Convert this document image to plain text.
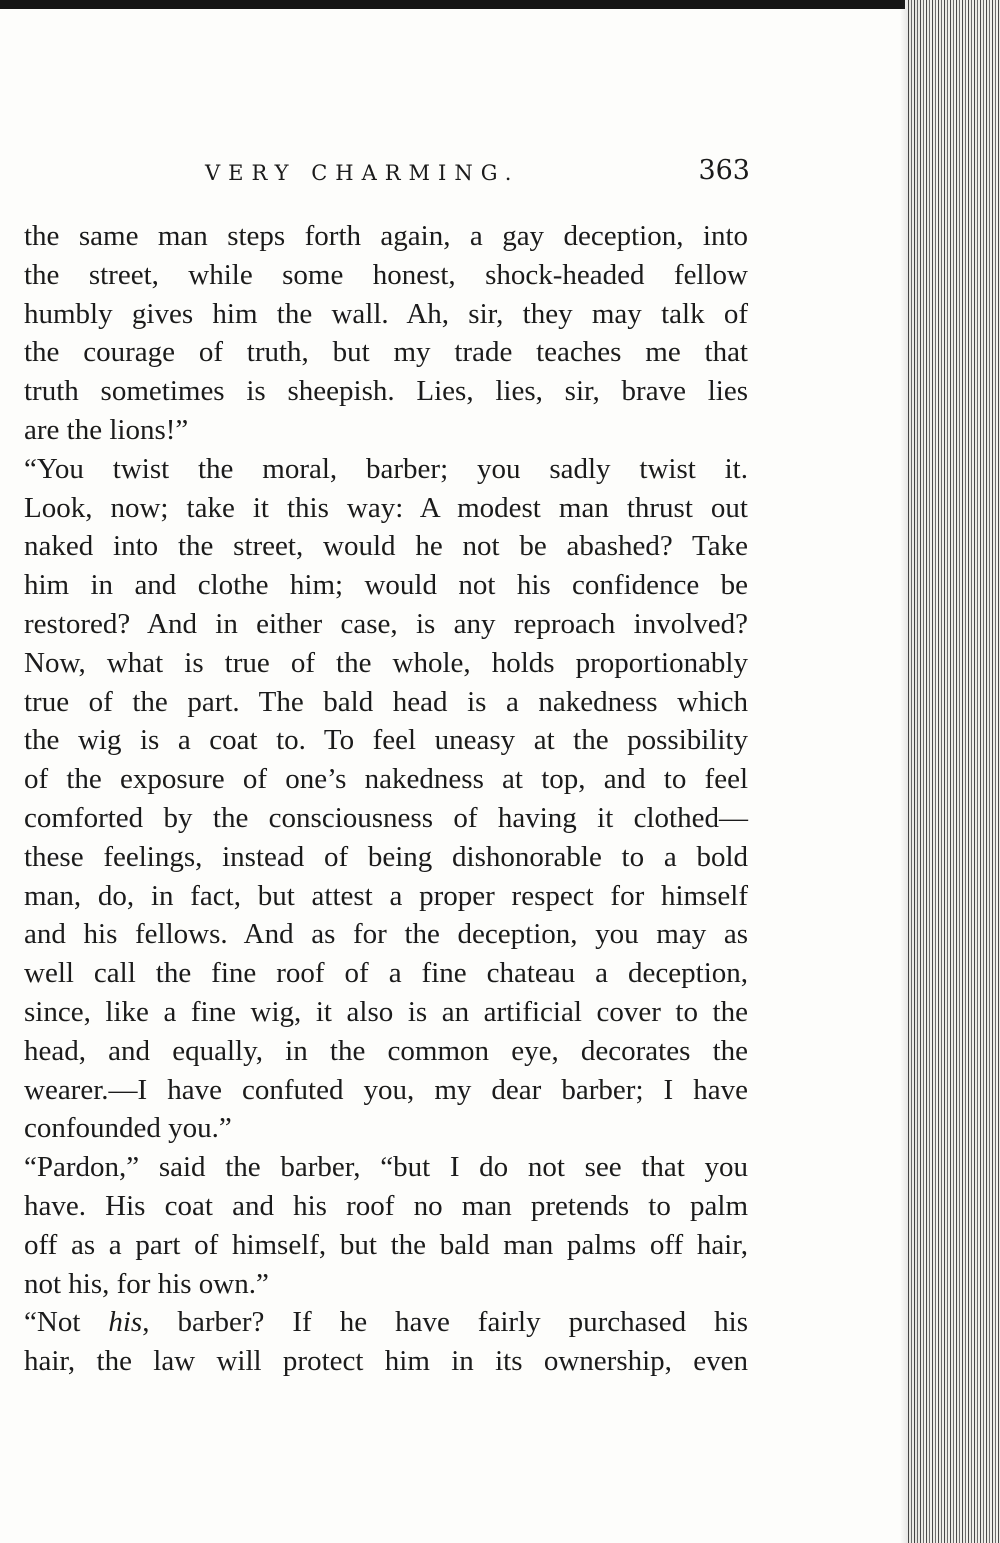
VERY CHARMING.	363
the same man steps forth again, a gay deception, into
the street, while some honest, shock-headed fellow
humbly gives him the wall. Ah, sir, they may talk of
the courage of truth, but my trade teaches me that
truth sometimes is sheepish. Lies, lies, sir, brave lies
are the lions!”
“You twist the moral, barber; you sadly twist it.
Look, now; take it this way: A modest man thrust out
naked into the street, would he not be abashed? Take
him in and clothe him; would not his confidence be
restored? And in either case, is any reproach involved?
Now, what is true of the whole, holds proportionably
true of the part. The bald head is a nakedness which
the wig is a coat to. To feel uneasy at the possibility
of the exposure of one’s nakedness at top, and to feel
comforted by the consciousness of having it clothed—
these feelings, instead of being dishonorable to a bold
man, do, in fact, but attest a proper respect for himself
and his fellows. And as for the deception, you may as
well call the fine roof of a fine chateau a deception,
since, like a fine wig, it also is an artificial cover to the
head, and equally, in the common eye, decorates the
wearer.—I have confuted you, my dear barber; I have
confounded you.”
“Pardon,” said the barber, “but I do not see that you
have. His coat and his roof no man pretends to palm
off as a part of himself, but the bald man palms off hair,
not his, for his own.”
“Not his, barber? If he have fairly purchased his
hair, the law will protect him in its ownership, even
